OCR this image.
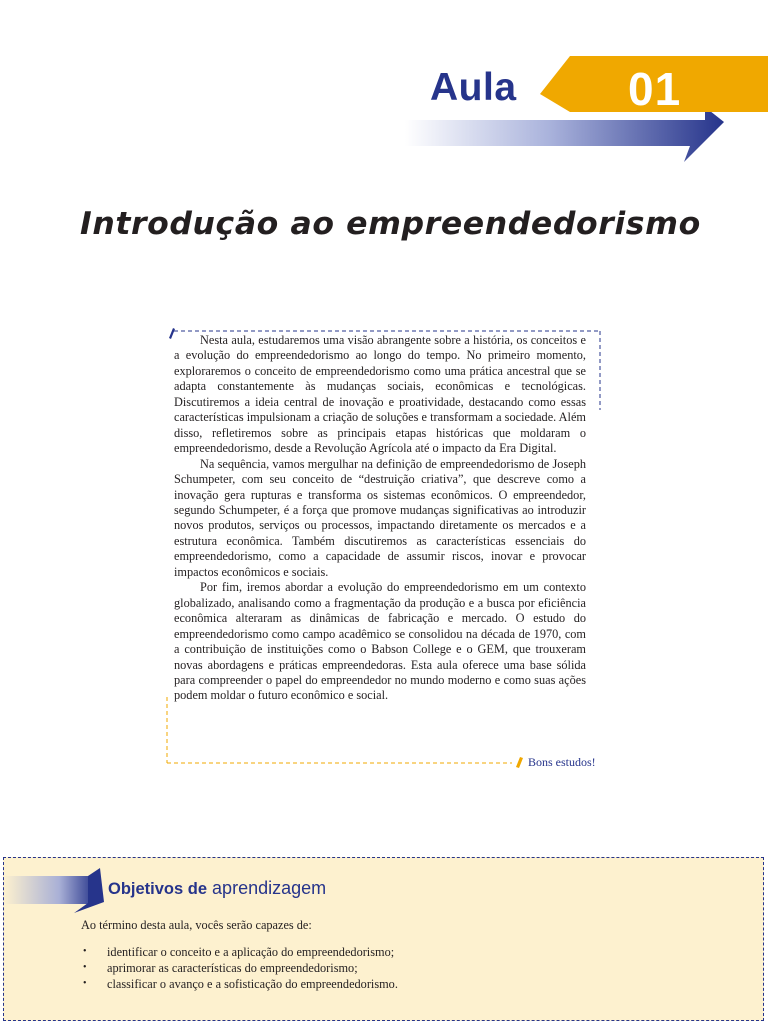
Aula 01
Introdução ao empreendedorismo

Nesta aula, estudaremos uma visão abrangente sobre a história, os conceitos e a evolução do empreendedorismo ao longo do tempo. No primeiro momento, exploraremos o conceito de empreendedorismo como uma prática ancestral que se adapta constantemente às mudanças sociais, econômicas e tecnológicas. Discutiremos a ideia central de inovação e proatividade, destacando como essas características impulsionam a criação de soluções e transformam a sociedade. Além disso, refletiremos sobre as principais etapas históricas que moldaram o empreendedorismo, desde a Revolução Agrícola até o impacto da Era Digital.

Na sequência, vamos mergulhar na definição de empreendedorismo de Joseph Schumpeter, com seu conceito de “destruição criativa”, que descreve como a inovação gera rupturas e transforma os sistemas econômicos. O empreendedor, segundo Schumpeter, é a força que promove mudanças significativas ao introduzir novos produtos, serviços ou processos, impactando diretamente os mercados e a estrutura econômica. Também discutiremos as características essenciais do empreendedorismo, como a capacidade de assumir riscos, inovar e provocar impactos econômicos e sociais.

Por fim, iremos abordar a evolução do empreendedorismo em um contexto globalizado, analisando como a fragmentação da produção e a busca por eficiência econômica alteraram as dinâmicas de fabricação e mercado. O estudo do empreendedorismo como campo acadêmico se consolidou na década de 1970, com a contribuição de instituições como o Babson College e o GEM, que trouxeram novas abordagens e práticas empreendedoras. Esta aula oferece uma base sólida para compreender o papel do empreendedor no mundo moderno e como suas ações podem moldar o futuro econômico e social.

Bons estudos!
Objetivos de aprendizagem
Ao término desta aula, vocês serão capazes de:
• identificar o conceito e a aplicação do empreendedorismo;
• aprimorar as características do empreendedorismo;
• classificar o avanço e a sofisticação do empreendedorismo.
